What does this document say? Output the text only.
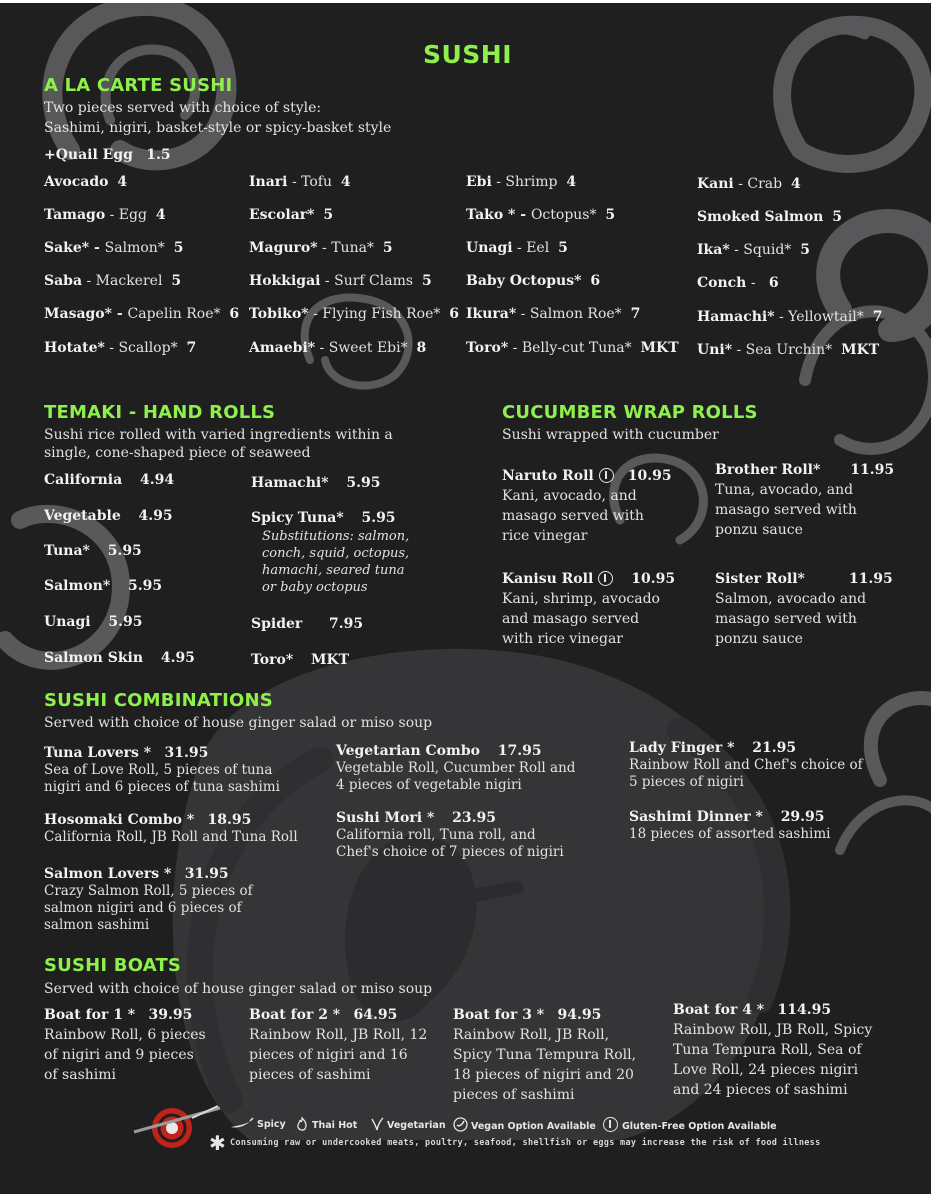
SUSHI
A LA CARTE SUSHI
Two pieces served with choice of style:
Sashimi, nigiri, basket-style or spicy-basket style
+Quail Egg 1.5
Avocado 4
Tamago - Egg 4
Sake* - Salmon* 5
Saba - Mackerel 5
Masago* - Capelin Roe* 6
Hotate* - Scallop* 7
Inari - Tofu 4
Escolar* 5
Maguro* - Tuna* 5
Hokkigai - Surf Clams 5
Tobiko* - Flying Fish Roe* 6
Amaebi* - Sweet Ebi* 8
Ebi - Shrimp 4
Tako * - Octopus* 5
Unagi - Eel 5
Baby Octopus* 6
Ikura* - Salmon Roe* 7
Toro* - Belly-cut Tuna* MKT
Kani - Crab 4
Smoked Salmon 5
Ika* - Squid* 5
Conch -   6
Hamachi* - Yellowtail* 7
Uni* - Sea Urchin* MKT
TEMAKI - HAND ROLLS
Sushi rice rolled with varied ingredients within a
single, cone-shaped piece of seaweed
California 4.94
Vegetable 4.95
Tuna* 5.95
Salmon* 5.95
Unagi 5.95
Salmon Skin 4.95
Hamachi* 5.95
Spicy Tuna* 5.95
Substitutions: salmon,
conch, squid, octopus,
hamachi, seared tuna
or baby octopus
Spider 7.95
Toro* MKT
CUCUMBER WRAP ROLLS
Sushi wrapped with cucumber
Naruto Roll 10.95
Kani, avocado, and masago served with rice vinegar
Brother Roll* 11.95
Tuna, avocado, and masago served with ponzu sauce
Kanisu Roll	10.95
Kani, shrimp, avocado and masago served with rice vinegar
Sister Roll*	11.95
Salmon, avocado and masago served with ponzu sauce
SUSHI COMBINATIONS
Served with choice of house ginger salad or miso soup
Tuna Lovers * 31.95
Sea of Love Roll, 5 pieces of tuna nigiri and 6 pieces of tuna sashimi
Hosomaki Combo * 18.95
California Roll, JB Roll and Tuna Roll
Salmon Lovers * 31.95
Crazy Salmon Roll, 5 pieces of salmon nigiri and 6 pieces of salmon sashimi
Vegetarian Combo 17.95
Vegetable Roll, Cucumber Roll and 4 pieces of vegetable nigiri
Sushi Mori * 23.95
California roll, Tuna roll, and Chef's choice of 7 pieces of nigiri
Lady Finger * 21.95
Rainbow Roll and Chef's choice of 5 pieces of nigiri
Sashimi Dinner * 29.95
18 pieces of assorted sashimi
SUSHI BOATS
Served with choice of house ginger salad or miso soup
Boat for 1 * 39.95
Rainbow Roll, 6 pieces of nigiri and 9 pieces of sashimi
Boat for 2 * 64.95
Rainbow Roll, JB Roll, 12 pieces of nigiri and 16 pieces of sashimi
Boat for 3 * 94.95
Rainbow Roll, JB Roll, Spicy Tuna Tempura Roll, 18 pieces of nigiri and 20 pieces of sashimi
Boat for 4 * 114.95
Rainbow Roll, JB Roll, Spicy Tuna Tempura Roll, Sea of Love Roll, 24 pieces nigiri and 24 pieces of sashimi
Spicy	Thai Hot	Vegetarian	Vegan Option Available	Gluten-Free Option Available
✱ Consuming raw or undercooked meats, poultry, seafood, shellfish or eggs may increase the risk of food illness
